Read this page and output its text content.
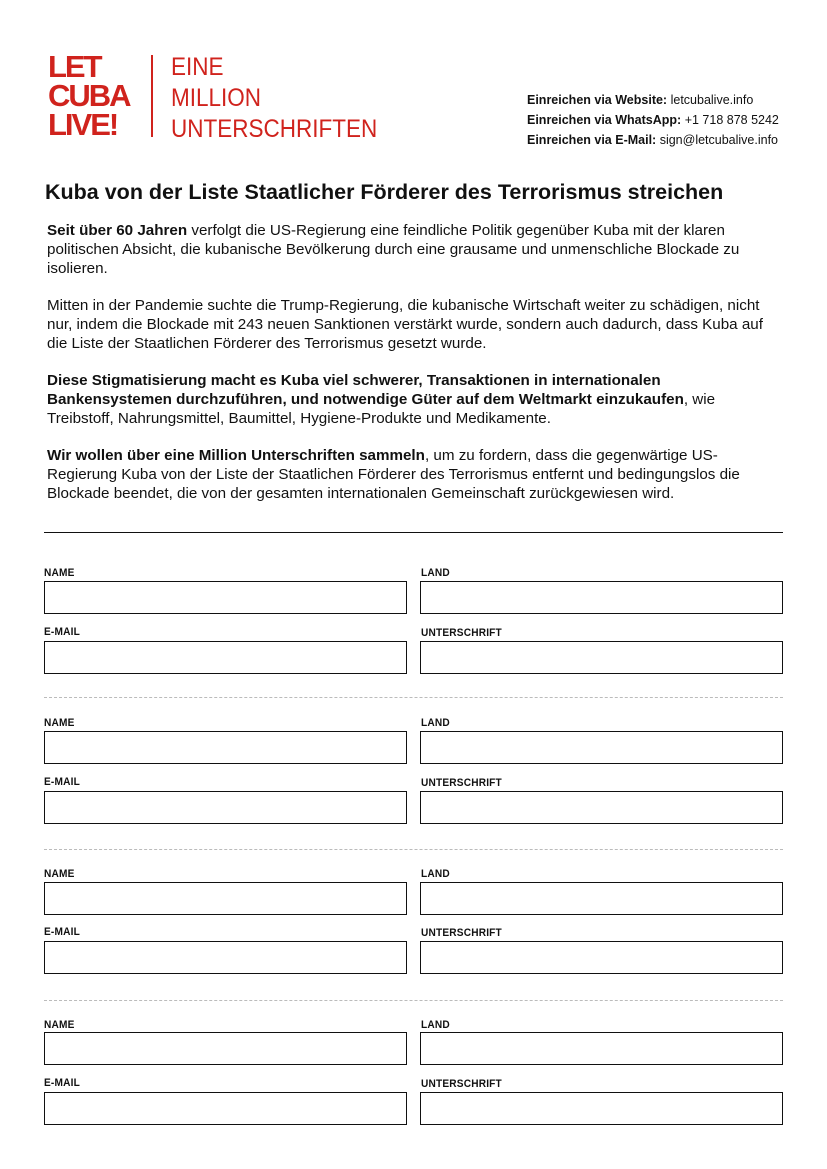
LET
CUBA
LIVE!
EINE
MILLION
UNTERSCHRIFTEN
Einreichen via Website: letcubalive.info
Einreichen via WhatsApp: +1 718 878 5242
Einreichen via E-Mail: sign@letcubalive.info
Kuba von der Liste Staatlicher Förderer des Terrorismus streichen

Seit über 60 Jahren verfolgt die US-Regierung eine feindliche Politik gegenüber Kuba mit der klaren politischen Absicht, die kubanische Bevölkerung durch eine grausame und unmenschliche Blockade zu isolieren.

Mitten in der Pandemie suchte die Trump-Regierung, die kubanische Wirtschaft weiter zu schädigen, nicht nur, indem die Blockade mit 243 neuen Sanktionen verstärkt wurde, sondern auch dadurch, dass Kuba auf die Liste der Staatlichen Förderer des Terrorismus gesetzt wurde.

Diese Stigmatisierung macht es Kuba viel schwerer, Transaktionen in internationalen Bankensystemen durchzuführen, und notwendige Güter auf dem Weltmarkt einzukaufen, wie Treibstoff, Nahrungsmittel, Baumittel, Hygiene-Produkte und Medikamente.

Wir wollen über eine Million Unterschriften sammeln, um zu fordern, dass die gegenwärtige US-Regierung Kuba von der Liste der Staatlichen Förderer des Terrorismus entfernt und bedingungslos die Blockade beendet, die von der gesamten internationalen Gemeinschaft zurückgewiesen wird.

NAME	LAND
E-MAIL	UNTERSCHRIFT
NAME	LAND
E-MAIL	UNTERSCHRIFT
NAME	LAND
E-MAIL	UNTERSCHRIFT
NAME	LAND
E-MAIL	UNTERSCHRIFT
